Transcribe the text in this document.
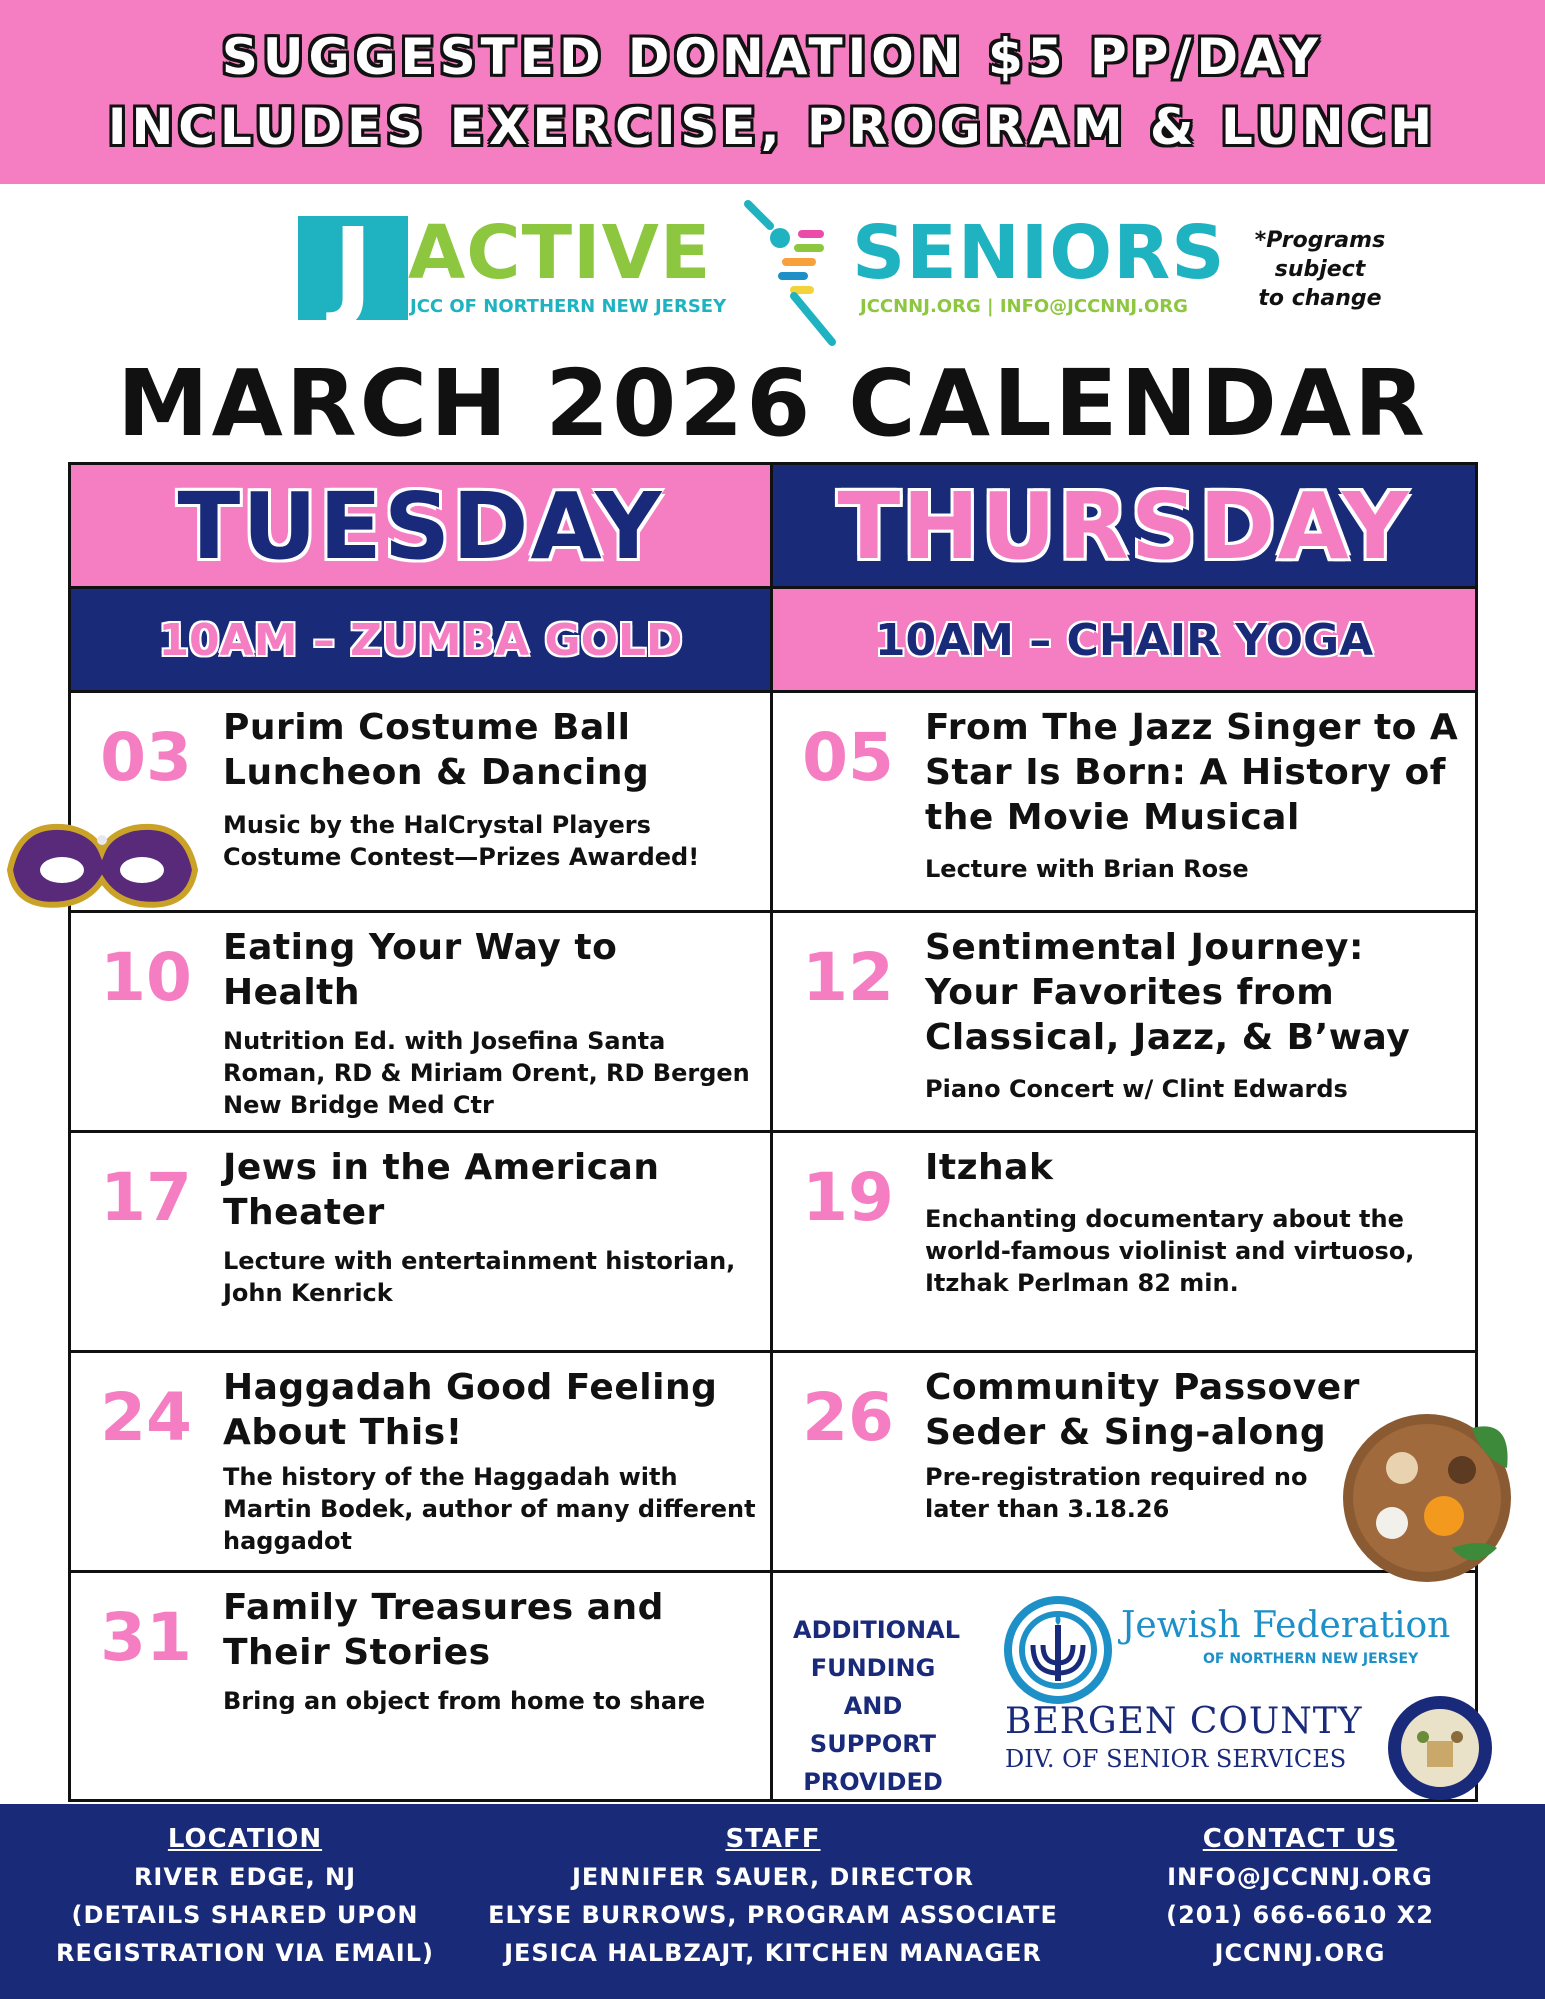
SUGGESTED DONATION $5 PP/DAY
INCLUDES EXERCISE, PROGRAM & LUNCH
J ACTIVE
JCC OF NORTHERN NEW JERSEY
SENIORS
JCCNNJ.ORG | INFO@JCCNNJ.ORG
*Programs
subject
to change
MARCH 2026 CALENDAR
TUESDAY
10AM – ZUMBA GOLD
03 Purim Costume Ball Luncheon & Dancing
Music by the HalCrystal Players Costume Contest—Prizes Awarded!
10 Eating Your Way to Health
Nutrition Ed. with Josefina Santa Roman, RD & Miriam Orent, RD Bergen New Bridge Med Ctr
17 Jews in the American Theater
Lecture with entertainment historian, John Kenrick
24 Haggadah Good Feeling About This!
The history of the Haggadah with Martin Bodek, author of many different haggadot
31 Family Treasures and Their Stories
Bring an object from home to share
THURSDAY
10AM – CHAIR YOGA
05 From The Jazz Singer to A Star Is Born: A History of the Movie Musical
Lecture with Brian Rose
12 Sentimental Journey: Your Favorites from Classical, Jazz, & B’way
Piano Concert w/ Clint Edwards
19 Itzhak
Enchanting documentary about the world-famous violinist and virtuoso, Itzhak Perlman 82 min.
26 Community Passover Seder & Sing-along
Pre-registration required no later than 3.18.26
ADDITIONAL FUNDING AND SUPPORT PROVIDED
Jewish Federation
OF NORTHERN NEW JERSEY
BERGEN COUNTY
DIV. OF SENIOR SERVICES
LOCATION
RIVER EDGE, NJ
(DETAILS SHARED UPON
REGISTRATION VIA EMAIL)
STAFF
JENNIFER SAUER, DIRECTOR
ELYSE BURROWS, PROGRAM ASSOCIATE
JESICA HALBZAJT, KITCHEN MANAGER
CONTACT US
INFO@JCCNNJ.ORG
(201) 666-6610 X2
JCCNNJ.ORG
